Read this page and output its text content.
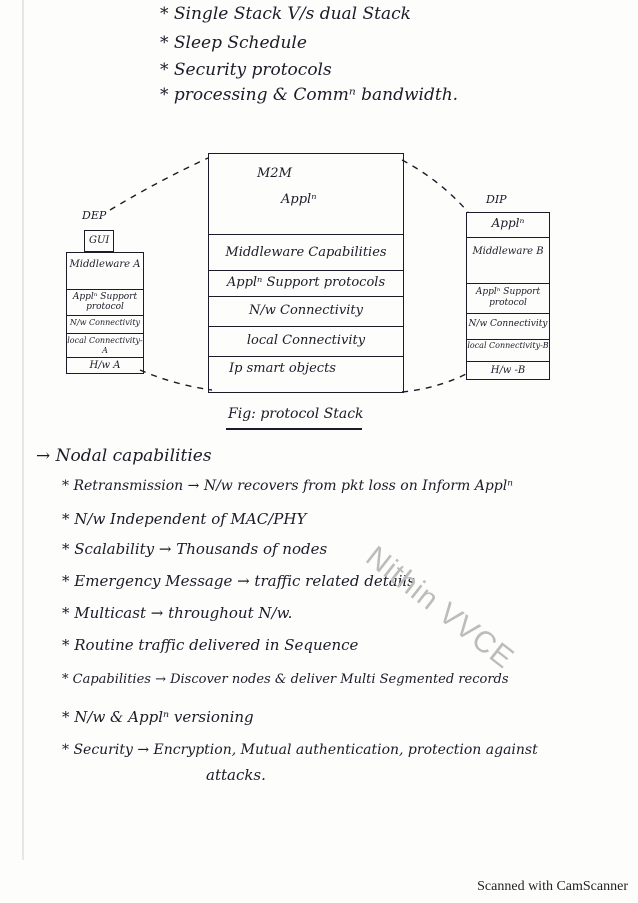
* Single Stack V/s dual Stack
* Sleep Schedule
* Security protocols
* processing & Commⁿ bandwidth.
DEP
GUI
Middleware A
Applⁿ Support protocol
N/w Connectivity
local Connectivity-A
H/w A
M2M
Applⁿ
Middleware Capabilities
Applⁿ Support protocols
N/w Connectivity
local Connectivity
Ip smart objects
DIP
Applⁿ
Middleware B
Applⁿ Support protocol
N/w Connectivity
local Connectivity-B
H/w -B
Fig: protocol Stack
→ Nodal capabilities
* Retransmission → N/w recovers from pkt loss on Inform Applⁿ
* N/w Independent of MAC/PHY
* Scalability → Thousands of nodes
* Emergency Message → traffic related details
* Multicast → throughout N/w.
* Routine traffic delivered in Sequence
* Capabilities → Discover nodes & deliver Multi Segmented records
* N/w & Applⁿ versioning
* Security → Encryption, Mutual authentication, protection against
attacks.
Nithin VVCE
Scanned with CamScanner
